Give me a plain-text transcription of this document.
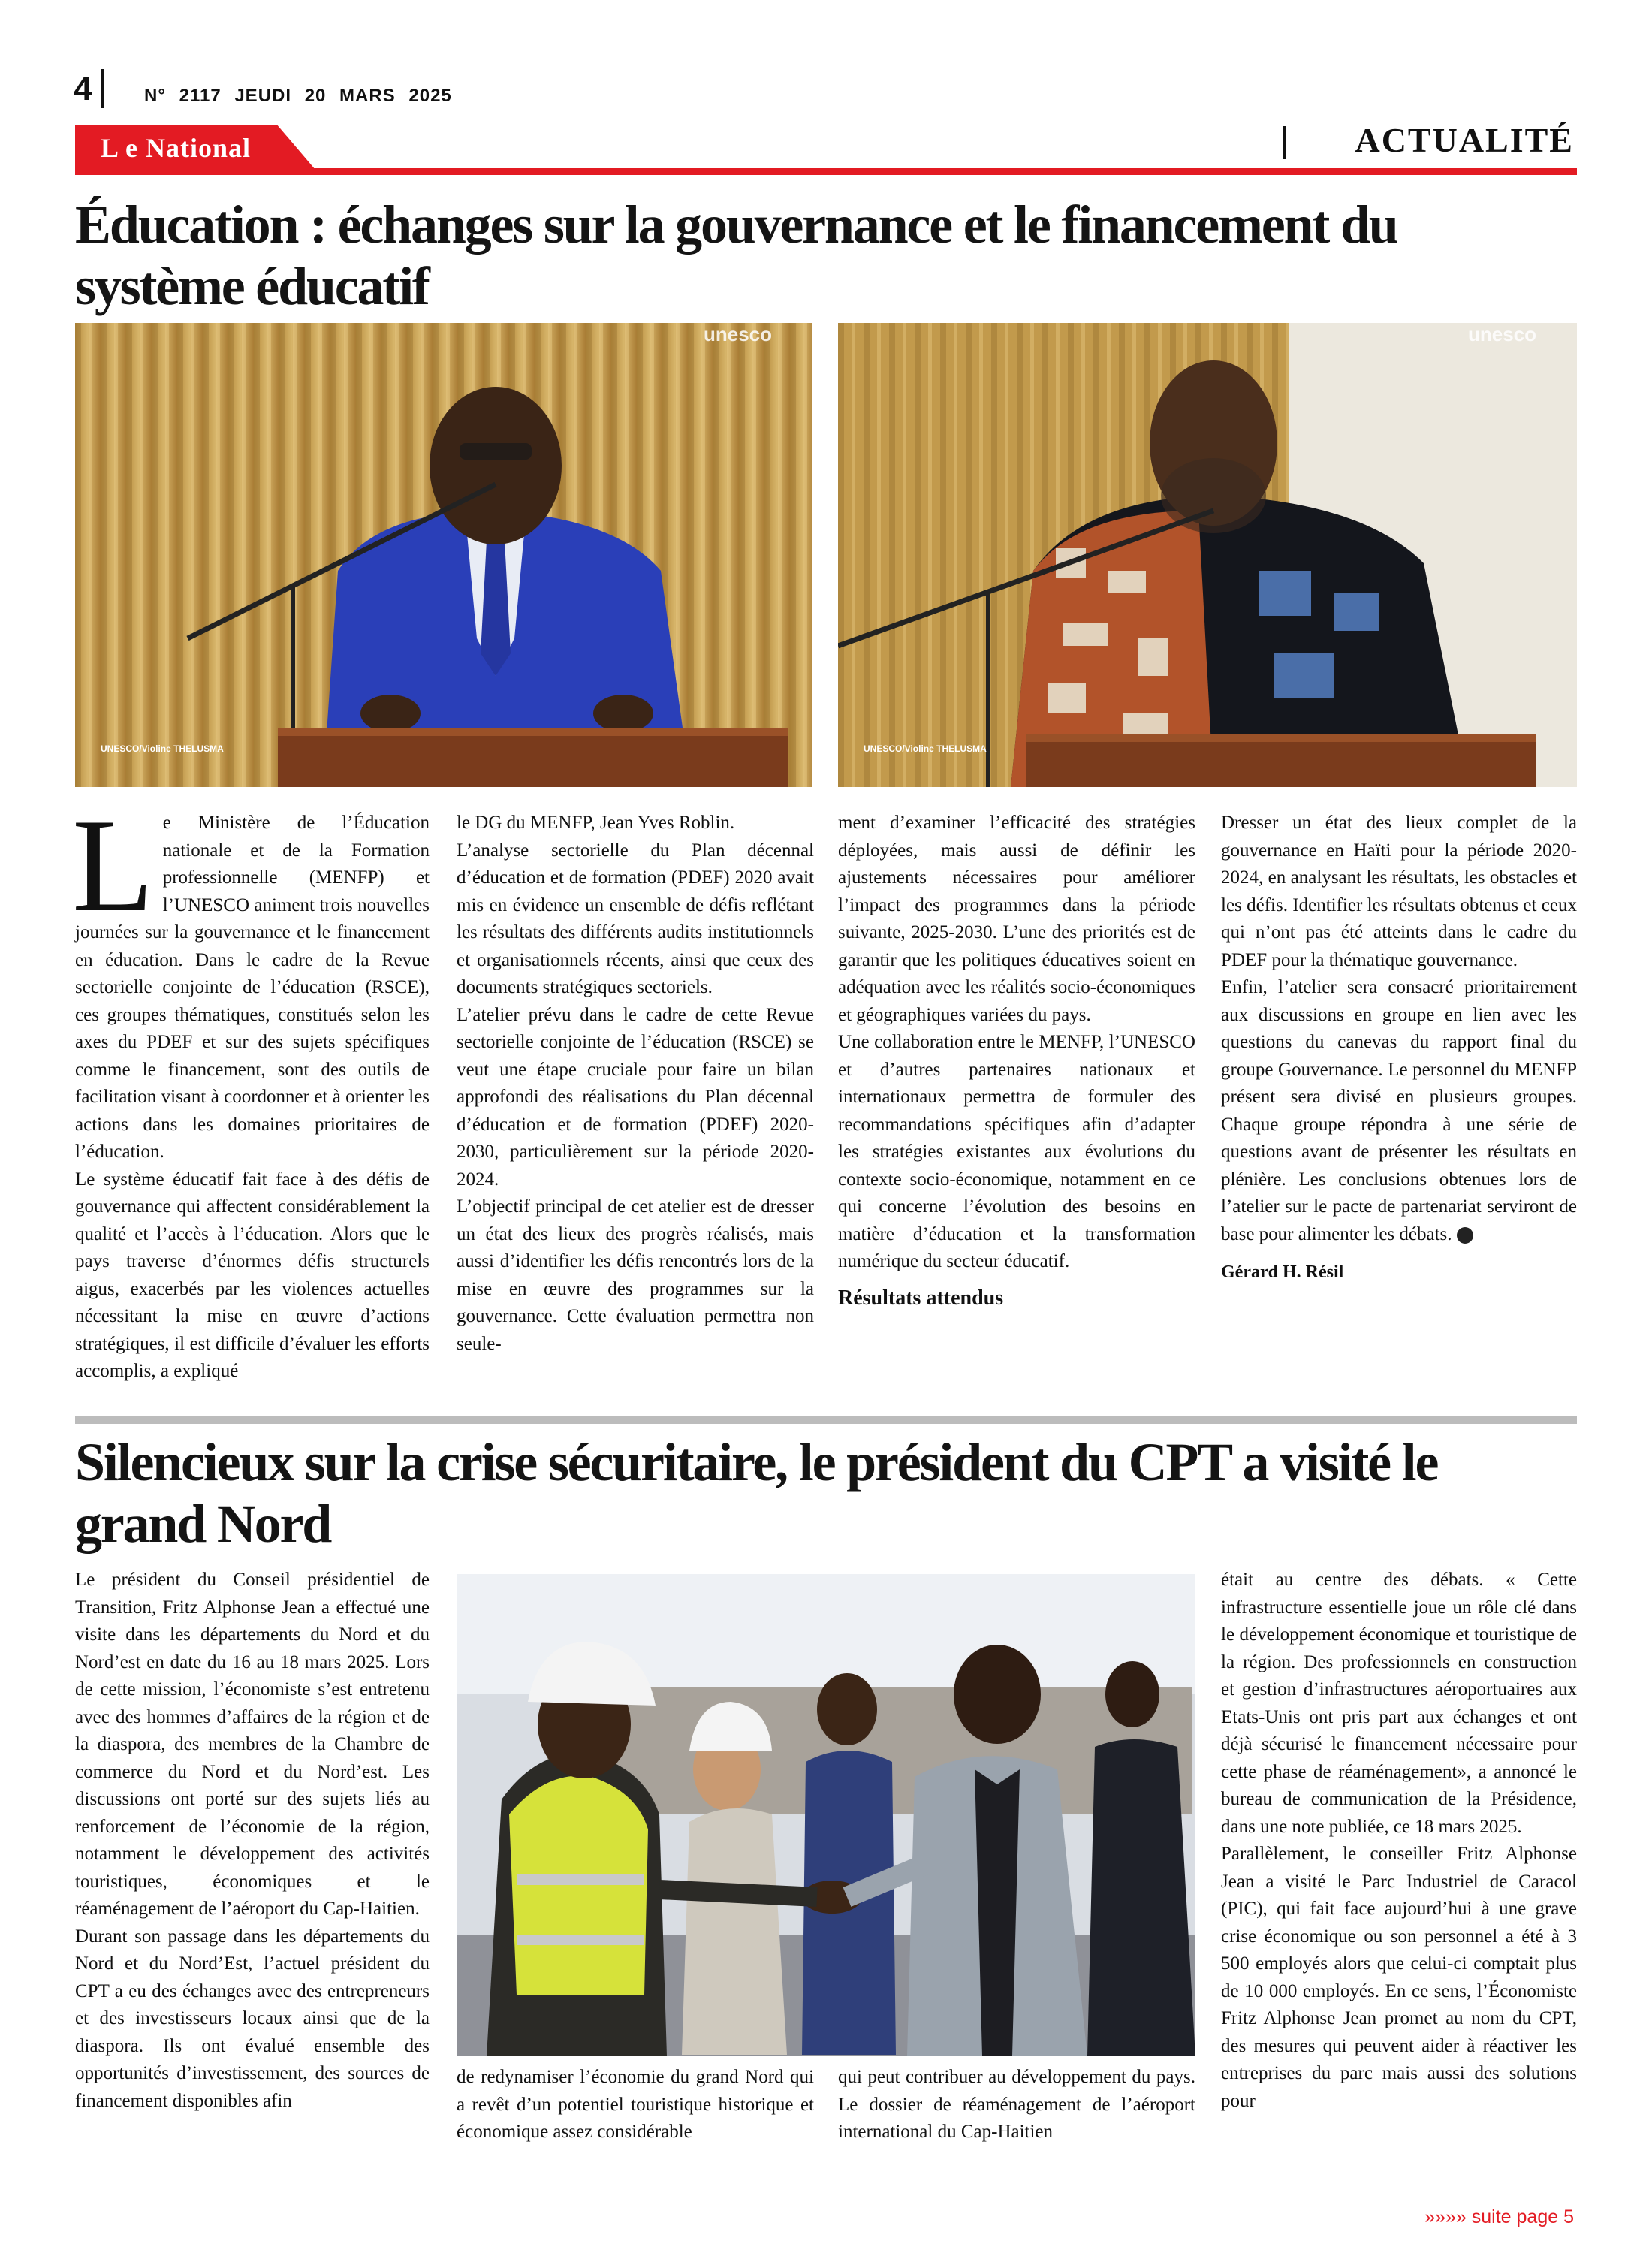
4	N° 2117 JEUDI 20 MARS 2025
L e National	ACTUALITÉ
Éducation : échanges sur la gouvernance et le financement du système éducatif
unesco
UNESCO/Violine THELUSMA
unesco
UNESCO/Violine THELUSMA
L e Ministère de l’Éducation nationale et de la Formation professionnelle (MENFP) et l’UNESCO animent trois nouvelles journées sur la gouvernance et le financement en éducation. Dans le cadre de la Revue sectorielle conjointe de l’éducation (RSCE), ces groupes thématiques, constitués selon les axes du PDEF et sur des sujets spécifiques comme le financement, sont des outils de facilitation visant à coordonner et à orienter les actions dans les domaines prioritaires de l’éducation.

Le système éducatif fait face à des défis de gouvernance qui affectent considérablement la qualité et l’accès à l’éducation. Alors que le pays traverse d’énormes défis structurels aigus, exacerbés par les violences actuelles nécessitant la mise en œuvre d’actions stratégiques, il est difficile d’évaluer les efforts accomplis, a expliqué

le DG du MENFP, Jean Yves Roblin.

L’analyse sectorielle du Plan décennal d’éducation et de formation (PDEF) 2020 avait mis en évidence un ensemble de défis reflétant les résultats des différents audits institutionnels et organisationnels récents, ainsi que ceux des documents stratégiques sectoriels.

L’atelier prévu dans le cadre de cette Revue sectorielle conjointe de l’éducation (RSCE) se veut une étape cruciale pour faire un bilan approfondi des réalisations du Plan décennal d’éducation et de formation (PDEF) 2020-2030, particulièrement sur la période 2020-2024.

L’objectif principal de cet atelier est de dresser un état des lieux des progrès réalisés, mais aussi d’identifier les défis rencontrés lors de la mise en œuvre des programmes sur la gouvernance. Cette évaluation permettra non seule-

ment d’examiner l’efficacité des stratégies déployées, mais aussi de définir les ajustements nécessaires pour améliorer l’impact des programmes dans la période suivante, 2025-2030. L’une des priorités est de garantir que les politiques éducatives soient en adéquation avec les réalités socio-économiques et géographiques variées du pays.

Une collaboration entre le MENFP, l’UNESCO et d’autres partenaires nationaux et internationaux permettra de formuler des recommandations spécifiques afin d’adapter les stratégies existantes aux évolutions du contexte socio-économique, notamment en ce qui concerne l’évolution des besoins en matière d’éducation et la transformation numérique du secteur éducatif.

Résultats attendus

Dresser un état des lieux complet de la gouvernance en Haïti pour la période 2020-2024, en analysant les résultats, les obstacles et les défis. Identifier les résultats obtenus et ceux qui n’ont pas été atteints dans le cadre du PDEF pour la thématique gouvernance.

Enfin, l’atelier sera consacré prioritairement aux discussions en groupe en lien avec les questions du canevas du rapport final du groupe Gouvernance. Le personnel du MENFP présent sera divisé en plusieurs groupes. Chaque groupe répondra à une série de questions avant de présenter les résultats en plénière. Les conclusions obtenues lors de l’atelier sur le pacte de partenariat serviront de base pour alimenter les débats.

Gérard H. Résil
Silencieux sur la crise sécuritaire, le président du CPT a visité le grand Nord

Le président du Conseil présidentiel de Transition, Fritz Alphonse Jean a effectué une visite dans les départements du Nord et du Nord’est en date du 16 au 18 mars 2025. Lors de cette mission, l’économiste s’est entretenu avec des hommes d’affaires de la région et de la diaspora, des membres de la Chambre de commerce du Nord et du Nord’est. Les discussions ont porté sur des sujets liés au renforcement de l’économie de la région, notamment le développement des activités touristiques, économiques et le réaménagement de l’aéroport du Cap-Haitien.

Durant son passage dans les départements du Nord et du Nord’Est, l’actuel président du CPT a eu des échanges avec des entrepreneurs et des investisseurs locaux ainsi que de la diaspora. Ils ont évalué ensemble des opportunités d’investissement, des sources de financement disponibles afin

de redynamiser l’économie du grand Nord qui a revêt d’un potentiel touristique historique et économique assez considérable

qui peut contribuer au développement du pays. Le dossier de réaménagement de l’aéroport international du Cap-Haitien

était au centre des débats. « Cette infrastructure essentielle joue un rôle clé dans le développement économique et touristique de la région. Des professionnels en construction et gestion d’infrastructures aéroportuaires aux Etats-Unis ont pris part aux échanges et ont déjà sécurisé le financement nécessaire pour cette phase de réaménagement», a annoncé le bureau de communication de la Présidence, dans une note publiée, ce 18 mars 2025.

Parallèlement, le conseiller Fritz Alphonse Jean a visité le Parc Industriel de Caracol (PIC), qui fait face aujourd’hui à une grave crise économique ou son personnel a été à 3 500 employés alors que celui-ci comptait plus de 10 000 employés. En ce sens, l’Économiste Fritz Alphonse Jean promet au nom du CPT, des mesures qui peuvent aider à réactiver les entreprises du parc mais aussi des solutions pour

»»»» suite page 5
